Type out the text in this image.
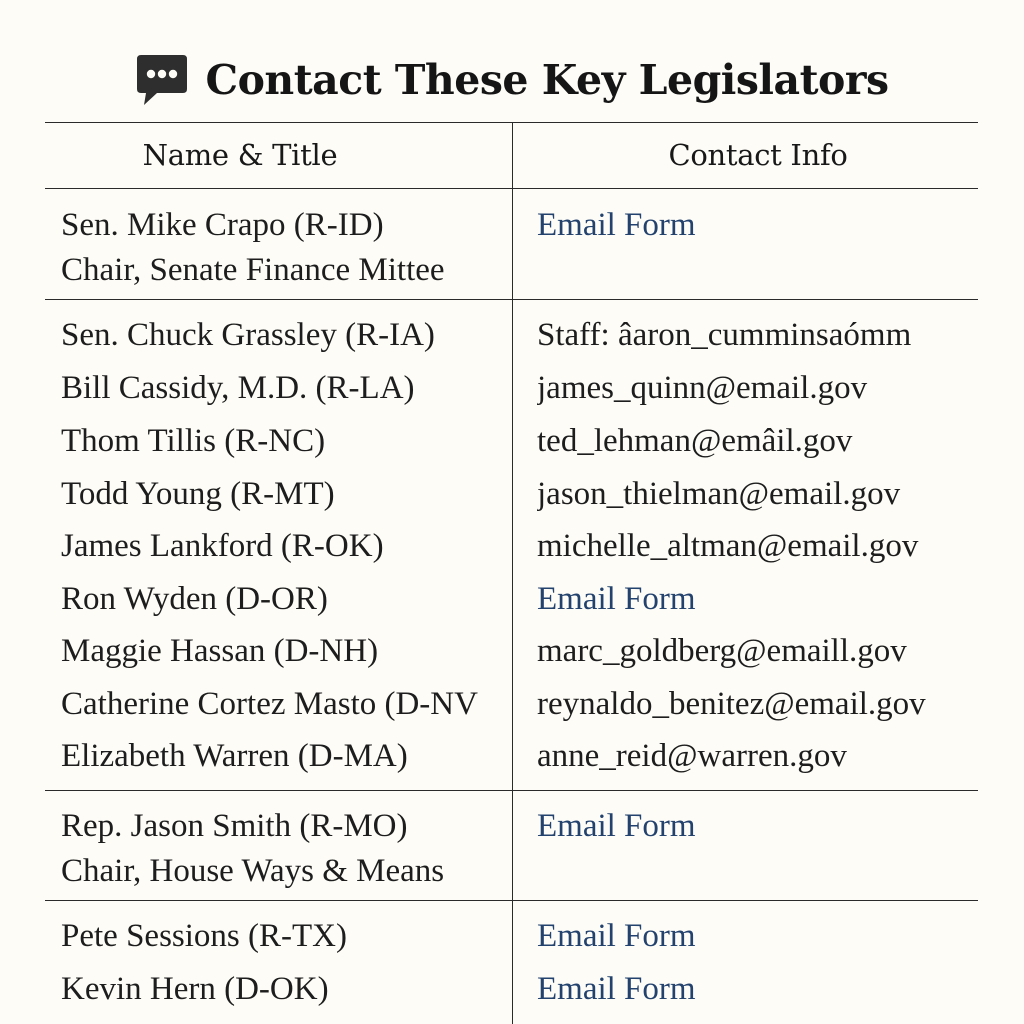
Contact These Key Legislators
Name & Title	Contact Info
Sen. Mike Crapo (R-ID)	Email Form
Chair, Senate Finance Mittee
Sen. Chuck Grassley (R-IA)	Staff: âaron_cumminsaómm
Bill Cassidy, M.D. (R-LA)	james_quinn@email.gov
Thom Tillis (R-NC)	ted_lehman@emâil.gov
Todd Young (R-MT)	jason_thielman@email.gov
James Lankford (R-OK)	michelle_altman@email.gov
Ron Wyden (D-OR)	Email Form
Maggie Hassan (D-NH)	marc_goldberg@emaill.gov
Catherine Cortez Masto (D-NV	reynaldo_benitez@email.gov
Elizabeth Warren (D-MA)	anne_reid@warren.gov
Rep. Jason Smith (R-MO)	Email Form
Chair, House Ways & Means
Pete Sessions (R-TX)	Email Form
Kevin Hern (D-OK)	Email Form
